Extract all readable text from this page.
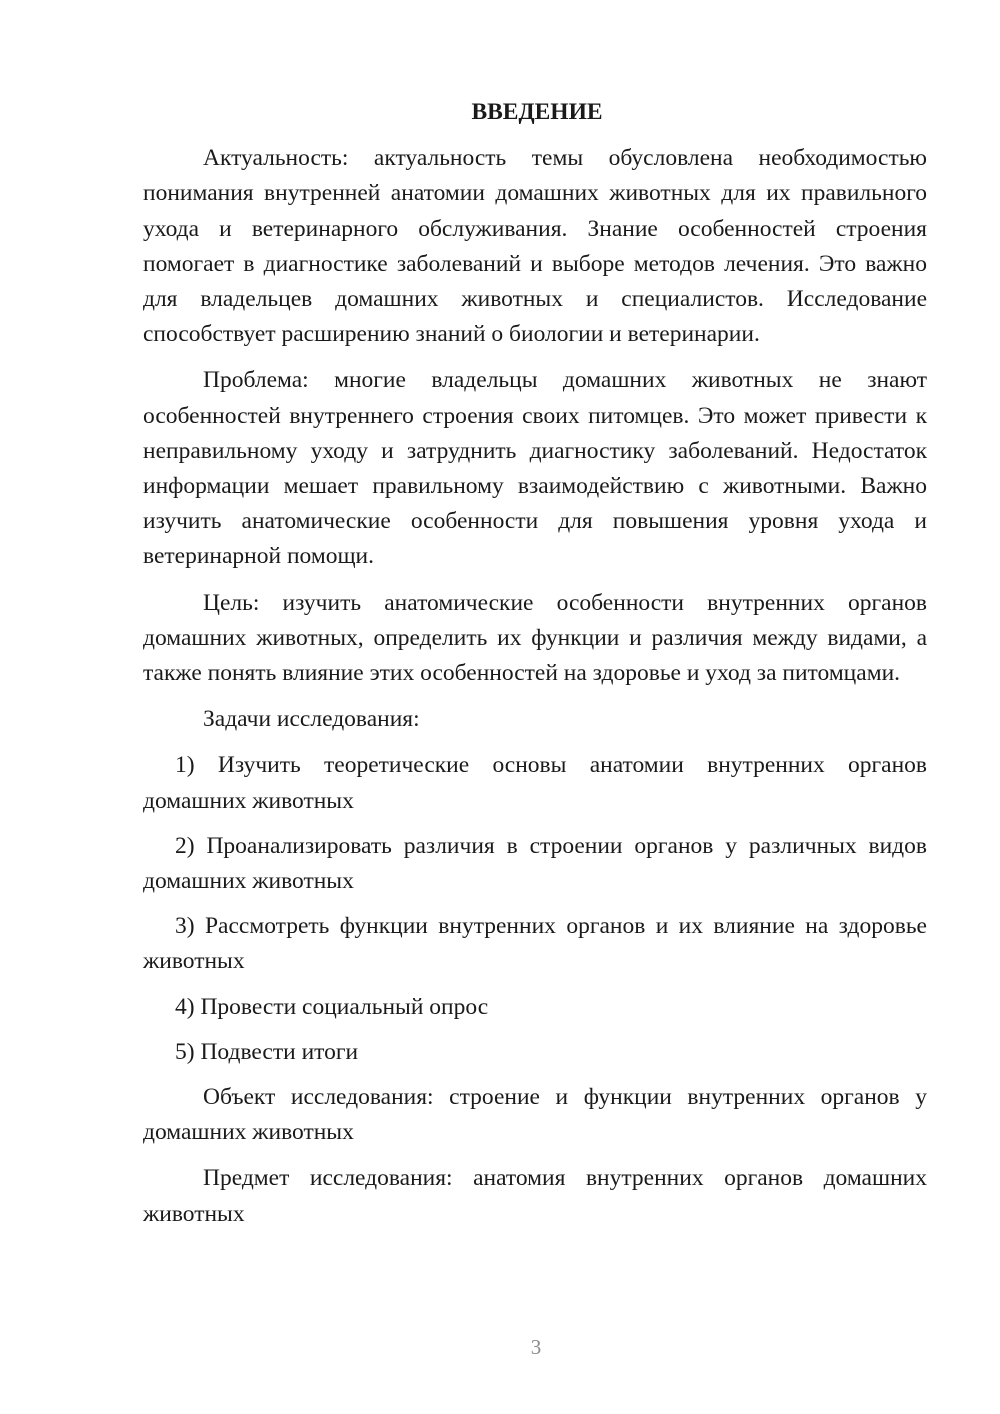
ВВЕДЕНИЕ
Актуальность: актуальность темы обусловлена необходимостью понимания внутренней анатомии домашних животных для их правильного ухода и ветеринарного обслуживания. Знание особенностей строения помогает в диагностике заболеваний и выборе методов лечения. Это важно для владельцев домашних животных и специалистов. Исследование способствует расширению знаний о биологии и ветеринарии.
Проблема: многие владельцы домашних животных не знают особенностей внутреннего строения своих питомцев. Это может привести к неправильному уходу и затруднить диагностику заболеваний. Недостаток информации мешает правильному взаимодействию с животными. Важно изучить анатомические особенности для повышения уровня ухода и ветеринарной помощи.
Цель: изучить анатомические особенности внутренних органов домашних животных, определить их функции и различия между видами, а также понять влияние этих особенностей на здоровье и уход за питомцами.
Задачи исследования:
1) Изучить теоретические основы анатомии внутренних органов домашних животных
2) Проанализировать различия в строении органов у различных видов домашних животных
3) Рассмотреть функции внутренних органов и их влияние на здоровье животных
4) Провести социальный опрос
5) Подвести итоги
Объект исследования: строение и функции внутренних органов у домашних животных
Предмет исследования: анатомия внутренних органов домашних животных
3
